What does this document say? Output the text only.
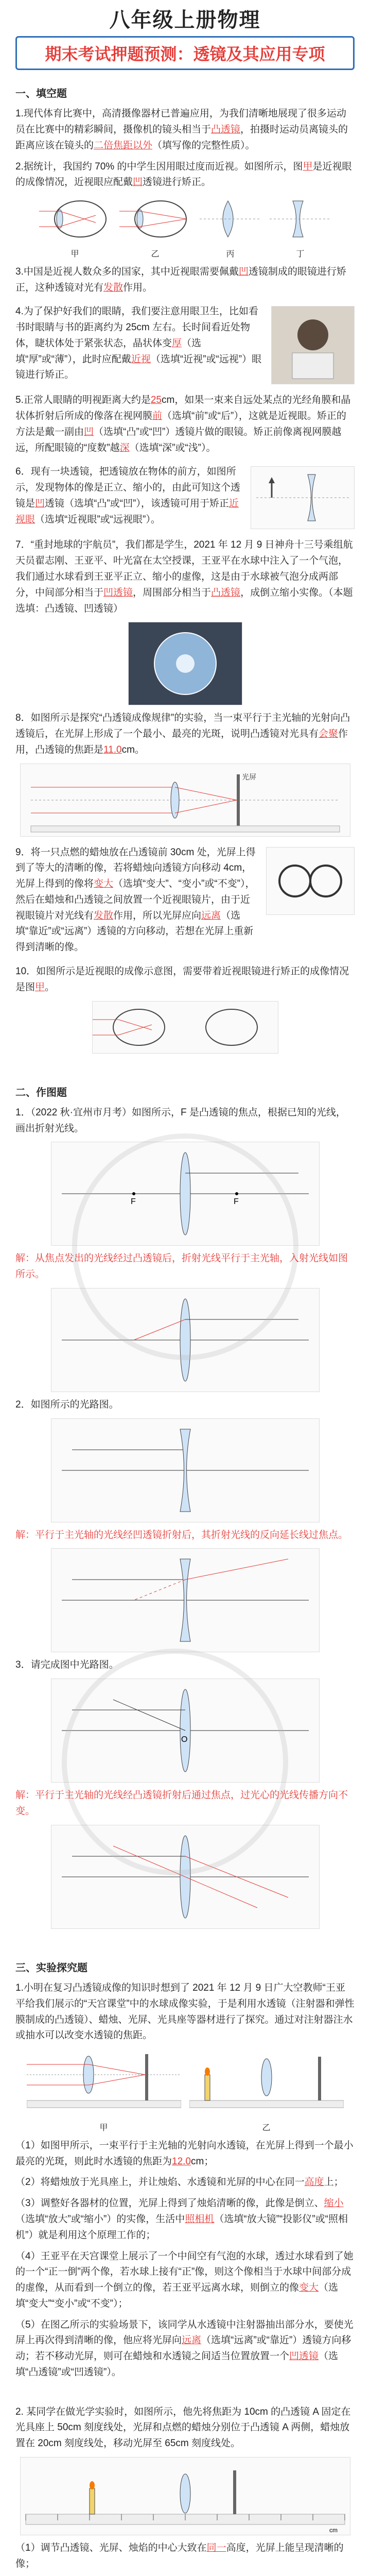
八年级上册物理
期末考试押题预测：透镜及其应用专项
一、填空题
1.现代体育比赛中，高清摄像器材已普遍应用，为我们清晰地展现了很多运动员在比赛中的精彩瞬间，摄像机的镜头相当于凸透镜，拍摄时运动员离镜头的距离应该在镜头的二倍焦距以外（填写像的完整性质）。
2.据统计，我国约 70% 的中学生因用眼过度而近视。如图所示，图甲是近视眼的成像情况，近视眼应配戴凹透镜进行矫正。
甲	乙	丙	丁
3.中国是近视人数众多的国家，其中近视眼需要佩戴凹透镜制成的眼镜进行矫正，这种透镜对光有发散作用。
4.为了保护好我们的眼睛，我们要注意用眼卫生，比如看书时眼睛与书的距离约为 25cm 左右。长时间看近处物体，睫状体处于紧张状态，晶状体变厚（选填“厚”或“薄”），此时应配戴近视（选填“近视”或“远视”）眼镜进行矫正。
5.正常人眼睛的明视距离大约是25cm，如果一束来自远处某点的光经角膜和晶状体折射后所成的像落在视网膜前（选填“前”或“后”），这就是近视眼。矫正的方法是戴一副由凹（选填“凸”或“凹”）透镜片做的眼镜。矫正前像离视网膜越远，所配眼镜的“度数”越深（选填“深”或“浅”）。
6．现有一块透镜，把透镜放在物体的前方，如图所示，发现物体的像是正立、缩小的，由此可知这个透镜是凹透镜（选填“凸”或“凹”），该透镜可用于矫正近视眼（选填“近视眼”或“远视眼”）。
7．“重封地球的宇航员”，我们都是学生，2021 年 12 月 9 日神舟十三号乘组航天员翟志刚、王亚平、叶光富在太空授课，王亚平在水球中注入了一个气泡，我们通过水球看到王亚平正立、缩小的虚像，这是由于水球被气泡分成两部分，中间部分相当于凹透镜，周围部分相当于凸透镜，成倒立缩小实像。（本题选填：凸透镜、凹透镜）
8．如图所示是探究“凸透镜成像规律”的实验，当一束平行于主光轴的光射向凸透镜后，在光屏上形成了一个最小、最亮的光斑，说明凸透镜对光具有会聚作用，凸透镜的焦距是11.0cm。
光屏
9．将一只点燃的蜡烛放在凸透镜前 30cm 处，光屏上得到了等大的清晰的像，若将蜡烛向透镜方向移动 4cm，光屏上得到的像将变大（选填“变大”、“变小”或“不变”），然后在蜡烛和凸透镜之间放置一个近视眼镜片，由于近视眼镜片对光线有发散作用，所以光屏应向远离（选填“靠近”或“远离”）透镜的方向移动，若想在光屏上重新得到清晰的像。
10．如图所示是近视眼的成像示意图，需要带着近视眼镜进行矫正的成像情况是图甲。
二、作图题
1．（2022 秋·宜州市月考）如图所示，F 是凸透镜的焦点，根据已知的光线，画出折射光线。
F	F
解：从焦点发出的光线经过凸透镜后，折射光线平行于主光轴，入射光线如图所示。
2．如图所示的光路图。
解：平行于主光轴的光线经凹透镜折射后，其折射光线的反向延长线过焦点。
3．请完成图中光路图。
O
解：平行于主光轴的光线经凸透镜折射后通过焦点，过光心的光线传播方向不变。
三、实验探究题
1.小明在复习凸透镜成像的知识时想到了 2021 年 12 月 9 日广大空教师“王亚平给我们展示的“天宫课堂”中的水球成像实验，于是利用水透镜（注射器和弹性膜制成的凸透镜）、蜡烛、光屏、光具座等器材进行了探究。通过对注射器注水或抽水可以改变水透镜的焦距。
甲	乙
（1）如图甲所示，一束平行于主光轴的光射向水透镜，在光屏上得到一个最小最亮的光斑，则此时水透镜的焦距为12.0cm；
（2）将蜡烛放于光具座上，并让烛焰、水透镜和光屏的中心在同一高度上；
（3）调整好各器材的位置，光屏上得到了烛焰清晰的像，此像是倒立、缩小（选填“放大”或“缩小”）的实像，生活中照相机（选填“放大镜”“投影仪”或“照相机”）就是利用这个原理工作的；
（4）王亚平在天宫课堂上展示了一个中间空有气泡的水球，透过水球看到了她的一个“正一倒”两个像，若水球上接有“正”像，则这个像相当于水球中间部分成的虚像，从而看到一个倒立的像，若王亚平远离水球，则倒立的像变大（选填“变大”“变小”或“不变”）；
（5）在图乙所示的实验场景下，该同学从水透镜中注射器抽出部分水，要使光屏上再次得到清晰的像，他应将光屏向远离（选填“远离”或“靠近”）透镜方向移动；若不移动光屏，则可在蜡烛和水透镜之间适当位置放置一个凹透镜（选填“凸透镜”或“凹透镜”）。
2. 某同学在做光学实验时，如图所示，他先将焦距为 10cm 的凸透镜 A 固定在光具座上 50cm 刻度线处，光屏和点燃的蜡烛分别位于凸透镜 A 两侧，蜡烛放置在 20cm 刻度线处，移动光屏至 65cm 刻度线处。
cm
（1）调节凸透镜、光屏、烛焰的中心大致在同一高度，光屏上能呈现清晰的像；
